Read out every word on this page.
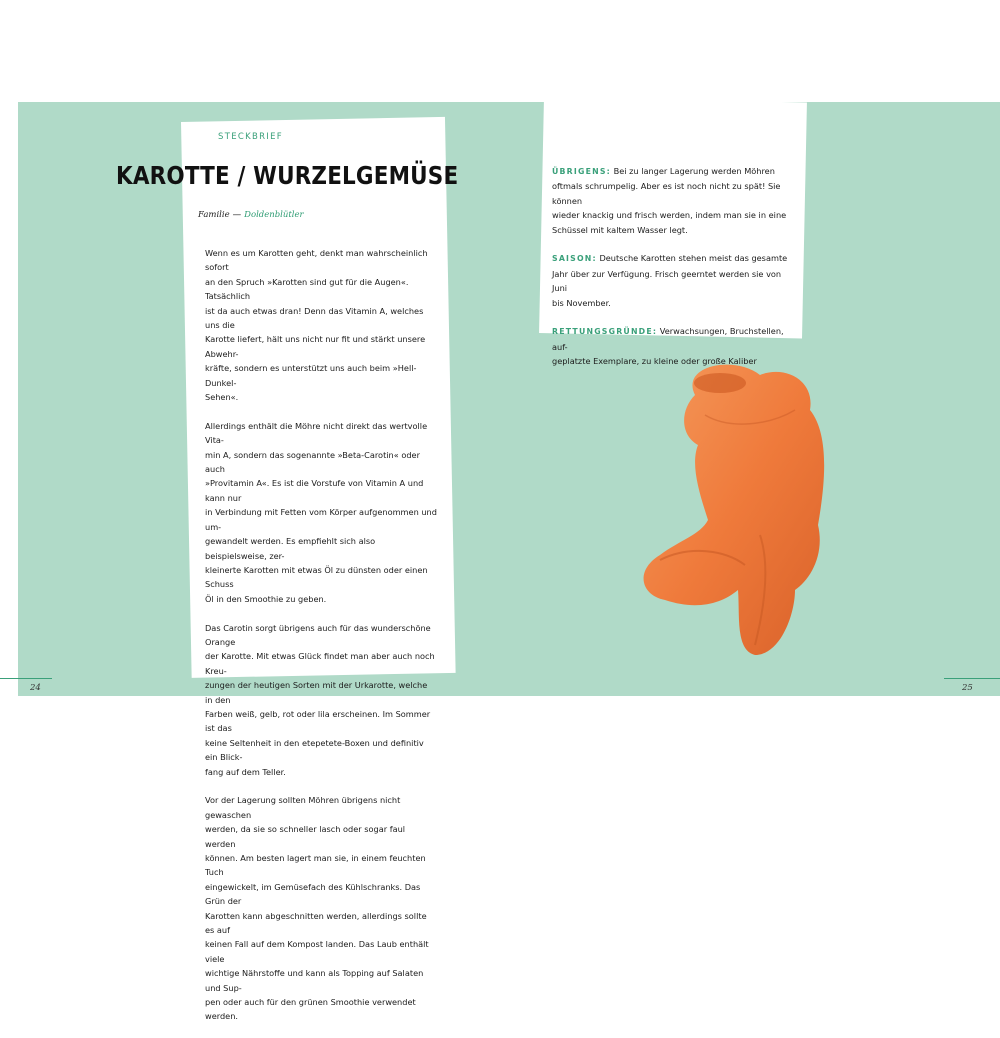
STECKBRIEF
KAROTTE / WURZELGEMÜSE
Familie — Doldenblütler

Wenn es um Karotten geht, denkt man wahrscheinlich sofort
an den Spruch »Karotten sind gut für die Augen«. Tatsächlich
ist da auch etwas dran! Denn das Vitamin A, welches uns die
Karotte liefert, hält uns nicht nur fit und stärkt unsere Abwehr-
kräfte, sondern es unterstützt uns auch beim »Hell-Dunkel-
Sehen«.

Allerdings enthält die Möhre nicht direkt das wertvolle Vita-
min A, sondern das sogenannte »Beta-Carotin« oder auch
»Provitamin A«. Es ist die Vorstufe von Vitamin A und kann nur
in Verbindung mit Fetten vom Körper aufgenommen und um-
gewandelt werden. Es empfiehlt sich also beispielsweise, zer-
kleinerte Karotten mit etwas Öl zu dünsten oder einen Schuss
Öl in den Smoothie zu geben.

Das Carotin sorgt übrigens auch für das wunderschöne Orange
der Karotte. Mit etwas Glück findet man aber auch noch Kreu-
zungen der heutigen Sorten mit der Urkarotte, welche in den
Farben weiß, gelb, rot oder lila erscheinen. Im Sommer ist das
keine Seltenheit in den etepetete-Boxen und definitiv ein Blick-
fang auf dem Teller.

Vor der Lagerung sollten Möhren übrigens nicht gewaschen
werden, da sie so schneller lasch oder sogar faul werden
können. Am besten lagert man sie, in einem feuchten Tuch
eingewickelt, im Gemüsefach des Kühlschranks. Das Grün der
Karotten kann abgeschnitten werden, allerdings sollte es auf
keinen Fall auf dem Kompost landen. Das Laub enthält viele
wichtige Nährstoffe und kann als Topping auf Salaten und Sup-
pen oder auch für den grünen Smoothie verwendet werden.

ÜBRIGENS: Bei zu langer Lagerung werden Möhren
oftmals schrumpelig. Aber es ist noch nicht zu spät! Sie können
wieder knackig und frisch werden, indem man sie in eine
Schüssel mit kaltem Wasser legt.

SAISON: Deutsche Karotten stehen meist das gesamte
Jahr über zur Verfügung. Frisch geerntet werden sie von Juni
bis November.

RETTUNGSGRÜNDE: Verwachsungen, Bruchstellen, auf-
geplatzte Exemplare, zu kleine oder große Kaliber

24	25
